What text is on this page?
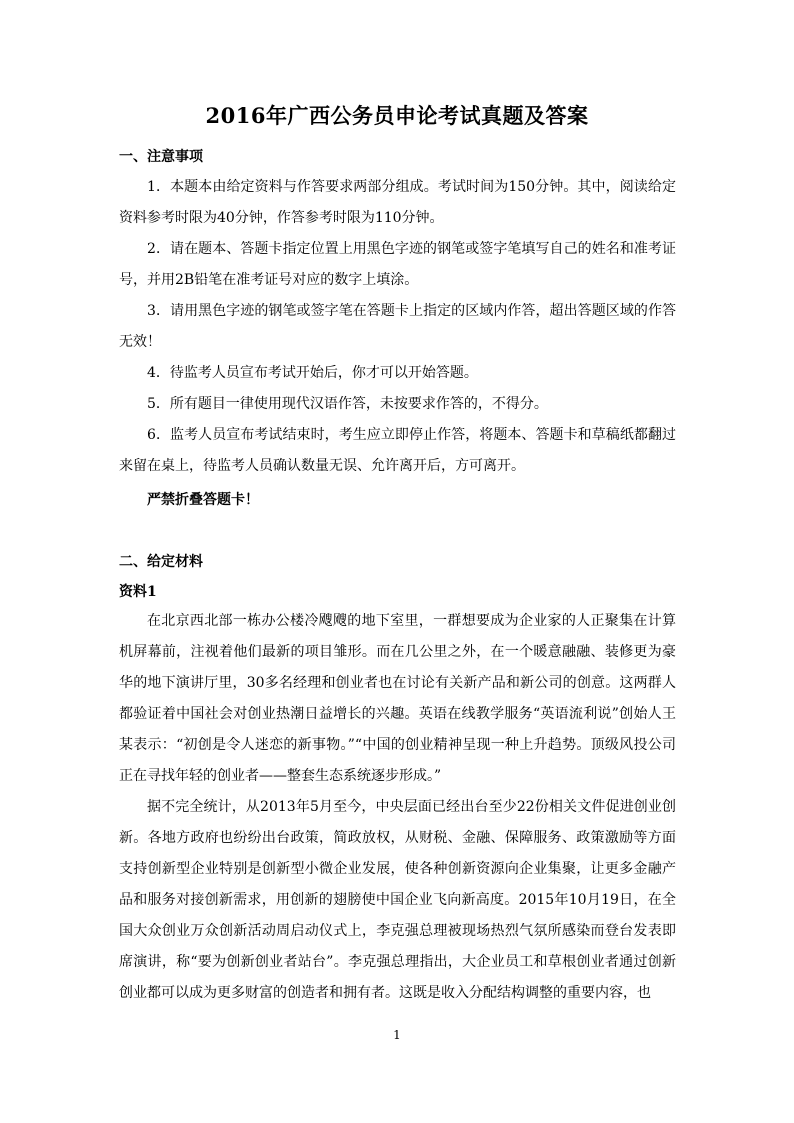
2016年广西公务员申论考试真题及答案
一、注意事项

1．本题本由给定资料与作答要求两部分组成。考试时间为150分钟。其中，阅读给定资料参考时限为40分钟，作答参考时限为110分钟。

2．请在题本、答题卡指定位置上用黑色字迹的钢笔或签字笔填写自己的姓名和准考证号，并用2B铅笔在准考证号对应的数字上填涂。

3．请用黑色字迹的钢笔或签字笔在答题卡上指定的区域内作答，超出答题区域的作答无效！

4．待监考人员宣布考试开始后，你才可以开始答题。

5．所有题目一律使用现代汉语作答，未按要求作答的，不得分。

6．监考人员宣布考试结束时，考生应立即停止作答，将题本、答题卡和草稿纸都翻过来留在桌上，待监考人员确认数量无误、允许离开后，方可离开。

严禁折叠答题卡！
二、给定材料
资料1

在北京西北部一栋办公楼冷飕飕的地下室里，一群想要成为企业家的人正聚集在计算机屏幕前，注视着他们最新的项目雏形。而在几公里之外，在一个暖意融融、装修更为豪华的地下演讲厅里，30多名经理和创业者也在讨论有关新产品和新公司的创意。这两群人都验证着中国社会对创业热潮日益增长的兴趣。英语在线教学服务“英语流利说”创始人王某表示：“初创是令人迷恋的新事物。”“中国的创业精神呈现一种上升趋势。顶级风投公司正在寻找年轻的创业者——整套生态系统逐步形成。”

据不完全统计，从2013年5月至今，中央层面已经出台至少22份相关文件促进创业创新。各地方政府也纷纷出台政策，简政放权，从财税、金融、保障服务、政策激励等方面支持创新型企业特别是创新型小微企业发展，使各种创新资源向企业集聚，让更多金融产品和服务对接创新需求，用创新的翅膀使中国企业飞向新高度。2015年10月19日，在全国大众创业万众创新活动周启动仪式上，李克强总理被现场热烈气氛所感染而登台发表即席演讲，称“要为创新创业者站台”。李克强总理指出，大企业员工和草根创业者通过创新创业都可以成为更多财富的创造者和拥有者。这既是收入分配结构调整的重要内容，也

1
